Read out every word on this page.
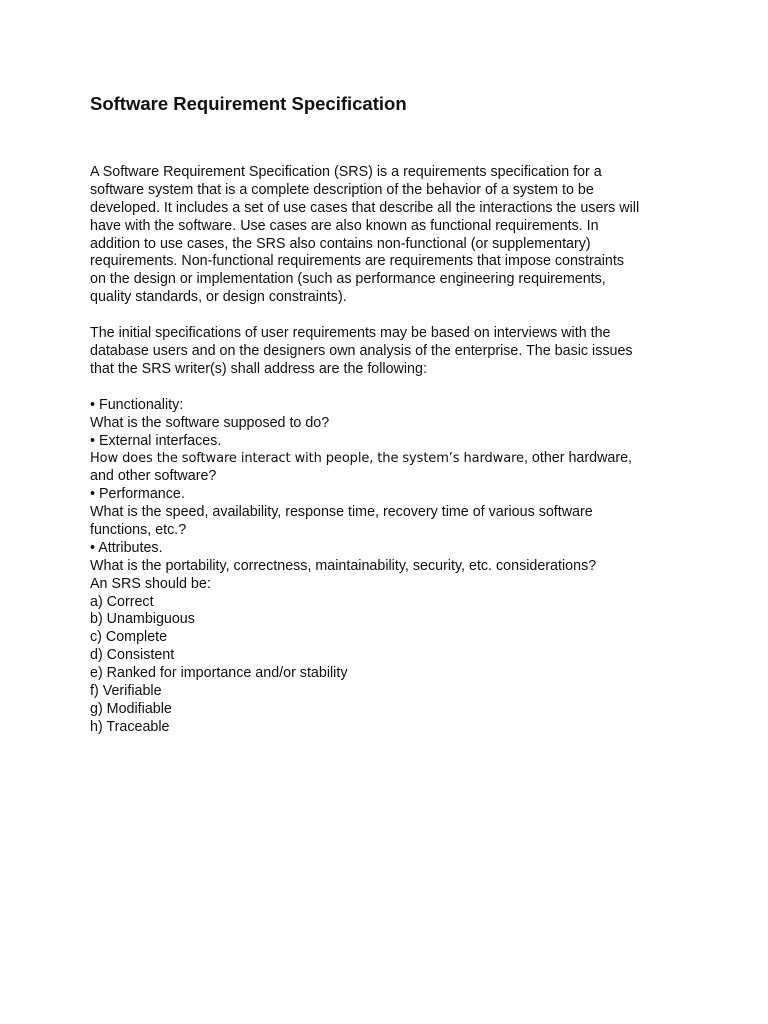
Software Requirement Specification
A Software Requirement Specification (SRS) is a requirements specification for a
software system that is a complete description of the behavior of a system to be
developed. It includes a set of use cases that describe all the interactions the users will
have with the software. Use cases are also known as functional requirements. In
addition to use cases, the SRS also contains non-functional (or supplementary)
requirements. Non-functional requirements are requirements that impose constraints
on the design or implementation (such as performance engineering requirements,
quality standards, or design constraints).
The initial specifications of user requirements may be based on interviews with the
database users and on the designers own analysis of the enterprise. The basic issues
that the SRS writer(s) shall address are the following:
• Functionality:
What is the software supposed to do?
• External interfaces.
How does the software interact with people, the system’s hardware, other hardware,
and other software?
• Performance.
What is the speed, availability, response time, recovery time of various software
functions, etc.?
• Attributes.
What is the portability, correctness, maintainability, security, etc. considerations?
An SRS should be:
a) Correct
b) Unambiguous
c) Complete
d) Consistent
e) Ranked for importance and/or stability
f) Verifiable
g) Modifiable
h) Traceable
